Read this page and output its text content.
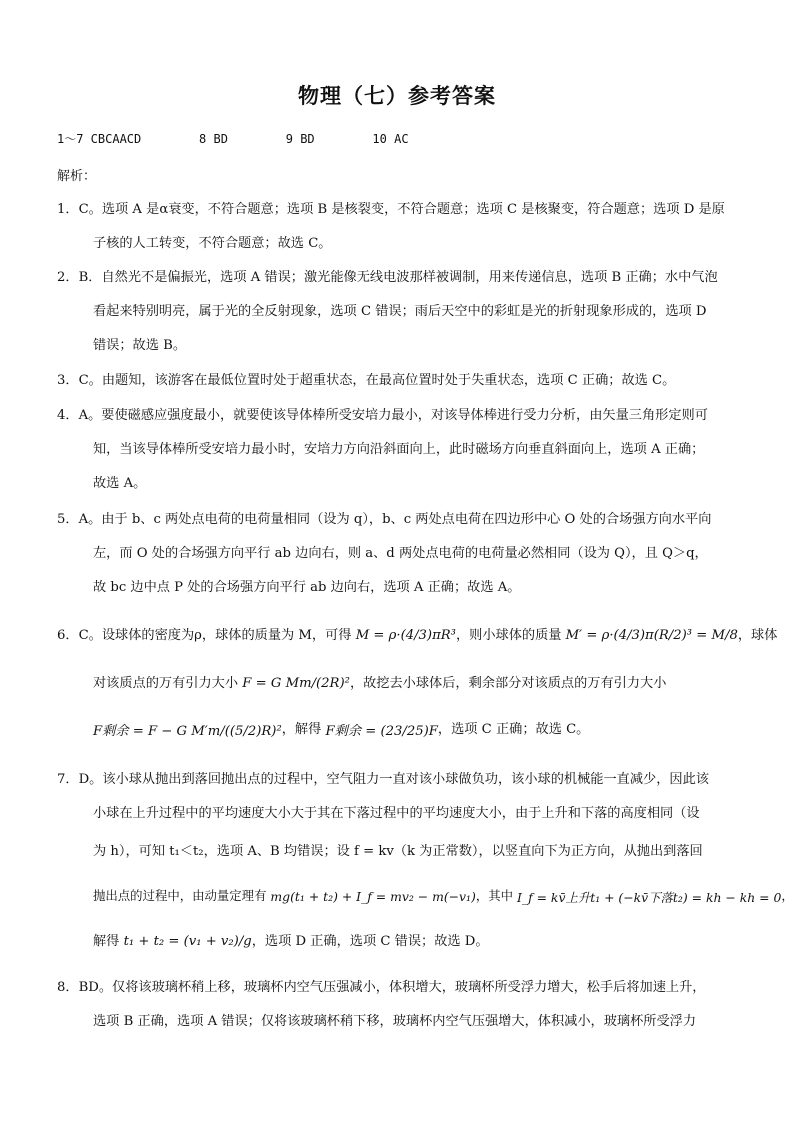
物理（七）参考答案
1～7 CBCAACD        8 BD        9 BD        10 AC
解析：
1．C。选项 A 是α衰变，不符合题意；选项 B 是核裂变，不符合题意；选项 C 是核聚变，符合题意；选项 D 是原
子核的人工转变，不符合题意；故选 C。
2．B．自然光不是偏振光，选项 A 错误；激光能像无线电波那样被调制，用来传递信息，选项 B 正确；水中气泡
看起来特别明亮，属于光的全反射现象，选项 C 错误；雨后天空中的彩虹是光的折射现象形成的，选项 D
错误；故选 B。
3．C。由题知，该游客在最低位置时处于超重状态，在最高位置时处于失重状态，选项 C 正确；故选 C。
4．A。要使磁感应强度最小，就要使该导体棒所受安培力最小，对该导体棒进行受力分析，由矢量三角形定则可
知，当该导体棒所受安培力最小时，安培力方向沿斜面向上，此时磁场方向垂直斜面向上，选项 A 正确；
故选 A。
5．A。由于 b、c 两处点电荷的电荷量相同（设为 q），b、c 两处点电荷在四边形中心 O 处的合场强方向水平向
左，而 O 处的合场强方向平行 ab 边向右，则 a、d 两处点电荷的电荷量必然相同（设为 Q），且 Q＞q，
故 bc 边中点 P 处的合场强方向平行 ab 边向右，选项 A 正确；故选 A。
6．C。设球体的密度为ρ，球体的质量为 M，可得 M = ρ·(4/3)πR³，则小球体的质量 M′ = ρ·(4/3)π(R/2)³ = M/8，球体
对该质点的万有引力大小 F = G Mm/(2R)²，故挖去小球体后，剩余部分对该质点的万有引力大小
F剩余 = F − G M′m/((5/2)R)²，解得 F剩余 = (23/25)F，选项 C 正确；故选 C。
7．D。该小球从抛出到落回抛出点的过程中，空气阻力一直对该小球做负功，该小球的机械能一直减少，因此该
小球在上升过程中的平均速度大小大于其在下落过程中的平均速度大小，由于上升和下落的高度相同（设
为 h），可知 t₁＜t₂，选项 A、B 均错误；设 f = kv（k 为正常数），以竖直向下为正方向，从抛出到落回
抛出点的过程中，由动量定理有 mg(t₁ + t₂) + I_f = mv₂ − m(−v₁)，其中 I_f = kv̄上升t₁ + (−kv̄下落t₂) = kh − kh = 0，
解得 t₁ + t₂ = (v₁ + v₂)/g，选项 D 正确，选项 C 错误；故选 D。
8．BD。仅将该玻璃杯稍上移，玻璃杯内空气压强减小，体积增大，玻璃杯所受浮力增大，松手后将加速上升，
选项 B 正确，选项 A 错误；仅将该玻璃杯稍下移，玻璃杯内空气压强增大，体积减小，玻璃杯所受浮力
